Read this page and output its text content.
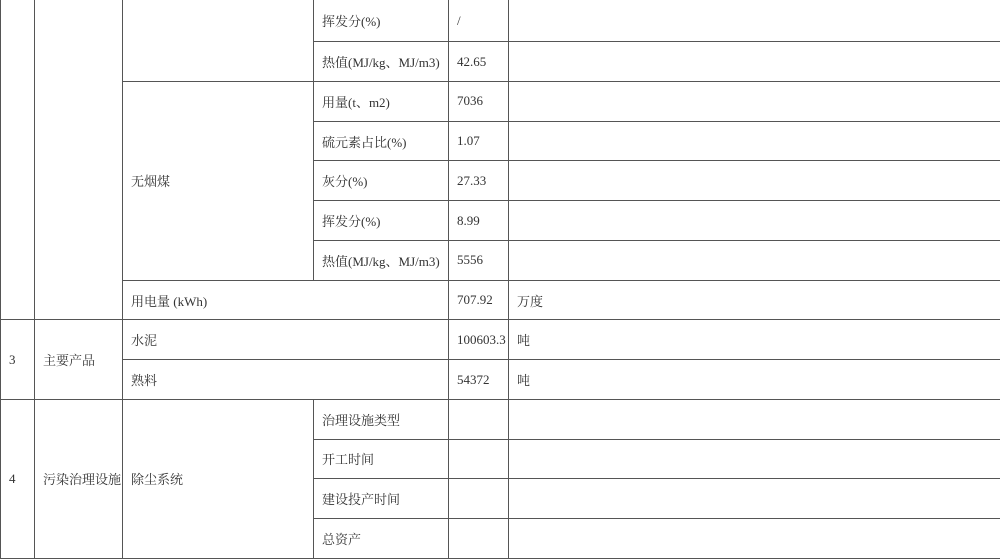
			挥发分(%)	/	
			热值(MJ/kg、MJ/m3)	42.65	
		无烟煤	用量(t、m2)	7036	
			硫元素占比(%)	1.07	
			灰分(%)	27.33	
			挥发分(%)	8.99	
			热值(MJ/kg、MJ/m3)	5556	
		用电量 (kWh)		707.92	万度
3	主要产品	水泥		100603.3	吨
		熟料		54372	吨
4	污染治理设施	除尘系统	治理设施类型		
			开工时间		
			建设投产时间		
			总资产		
